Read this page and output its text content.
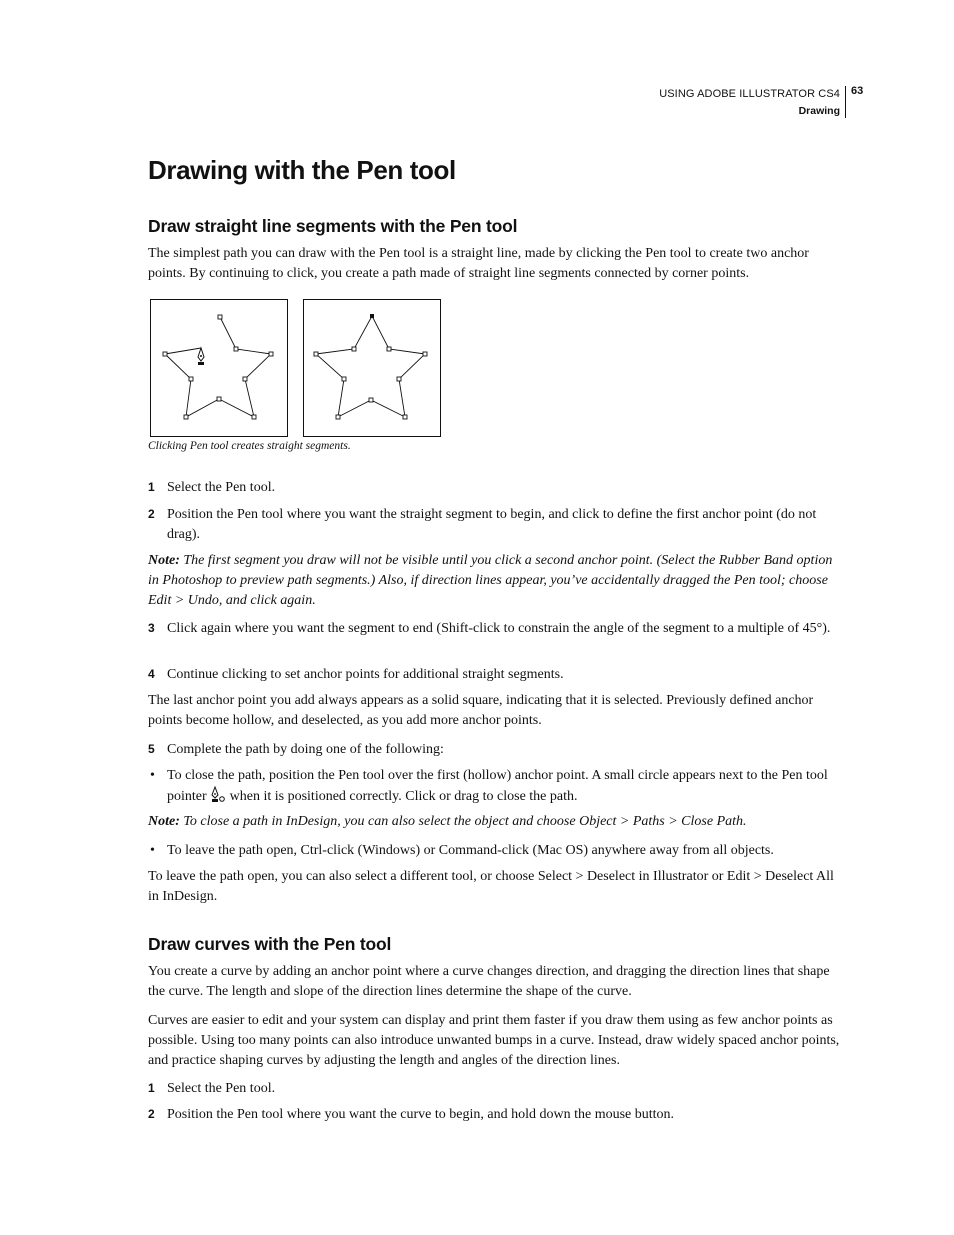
USING ADOBE ILLUSTRATOR CS4
Drawing
63
Drawing with the Pen tool
Draw straight line segments with the Pen tool

The simplest path you can draw with the Pen tool is a straight line, made by clicking the Pen tool to create two anchor points. By continuing to click, you create a path made of straight line segments connected by corner points.

Clicking Pen tool creates straight segments.
1 Select the Pen tool.
2 Position the Pen tool where you want the straight segment to begin, and click to define the first anchor point (do not drag).
Note: The first segment you draw will not be visible until you click a second anchor point. (Select the Rubber Band option in Photoshop to preview path segments.) Also, if direction lines appear, you’ve accidentally dragged the Pen tool; choose Edit > Undo, and click again.
3 Click again where you want the segment to end (Shift-click to constrain the angle of the segment to a multiple of 45°).
4 Continue clicking to set anchor points for additional straight segments.

The last anchor point you add always appears as a solid square, indicating that it is selected. Previously defined anchor points become hollow, and deselected, as you add more anchor points.

5 Complete the path by doing one of the following:
• To close the path, position the Pen tool over the first (hollow) anchor point. A small circle appears next to the Pen tool pointer  when it is positioned correctly. Click or drag to close the path.
Note: To close a path in InDesign, you can also select the object and choose Object > Paths > Close Path.
• To leave the path open, Ctrl-click (Windows) or Command-click (Mac OS) anywhere away from all objects.

To leave the path open, you can also select a different tool, or choose Select > Deselect in Illustrator or Edit > Deselect All in InDesign.

Draw curves with the Pen tool

You create a curve by adding an anchor point where a curve changes direction, and dragging the direction lines that shape the curve. The length and slope of the direction lines determine the shape of the curve.

Curves are easier to edit and your system can display and print them faster if you draw them using as few anchor points as possible. Using too many points can also introduce unwanted bumps in a curve. Instead, draw widely spaced anchor points, and practice shaping curves by adjusting the length and angles of the direction lines.

1 Select the Pen tool.
2 Position the Pen tool where you want the curve to begin, and hold down the mouse button.
